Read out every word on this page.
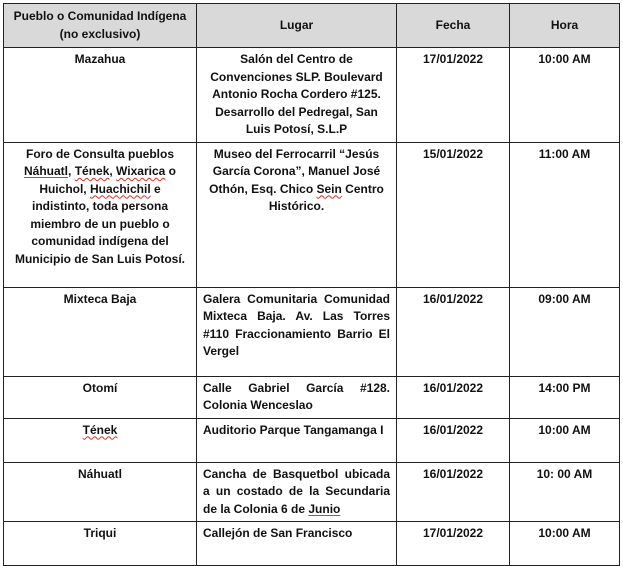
Pueblo o Comunidad Indígena (no exclusivo)	Lugar	Fecha	Hora
Mazahua	Salón del Centro de Convenciones SLP. Boulevard Antonio Rocha Cordero #125. Desarrollo del Pedregal, San Luis Potosí, S.L.P	17/01/2022	10:00 AM
Foro de Consulta pueblos Náhuatl, Tének, Wixarica o Huichol, Huachichil e indistinto, toda persona miembro de un pueblo o comunidad indígena del Municipio de San Luis Potosí.	Museo del Ferrocarril “Jesús García Corona”, Manuel José Othón, Esq. Chico Sein Centro Histórico.	15/01/2022	11:00 AM
Mixteca Baja	Galera Comunitaria Comunidad Mixteca Baja. Av. Las Torres #110 Fraccionamiento Barrio El Vergel	16/01/2022	09:00 AM
Otomí	Calle Gabriel García #128. Colonia Wenceslao	16/01/2022	14:00 PM
Tének	Auditorio Parque Tangamanga I	16/01/2022	10:00 AM
Náhuatl	Cancha de Basquetbol ubicada a un costado de la Secundaria de la Colonia 6 de Junio	16/01/2022	10: 00 AM
Triqui	Callejón de San Francisco	17/01/2022	10:00 AM
